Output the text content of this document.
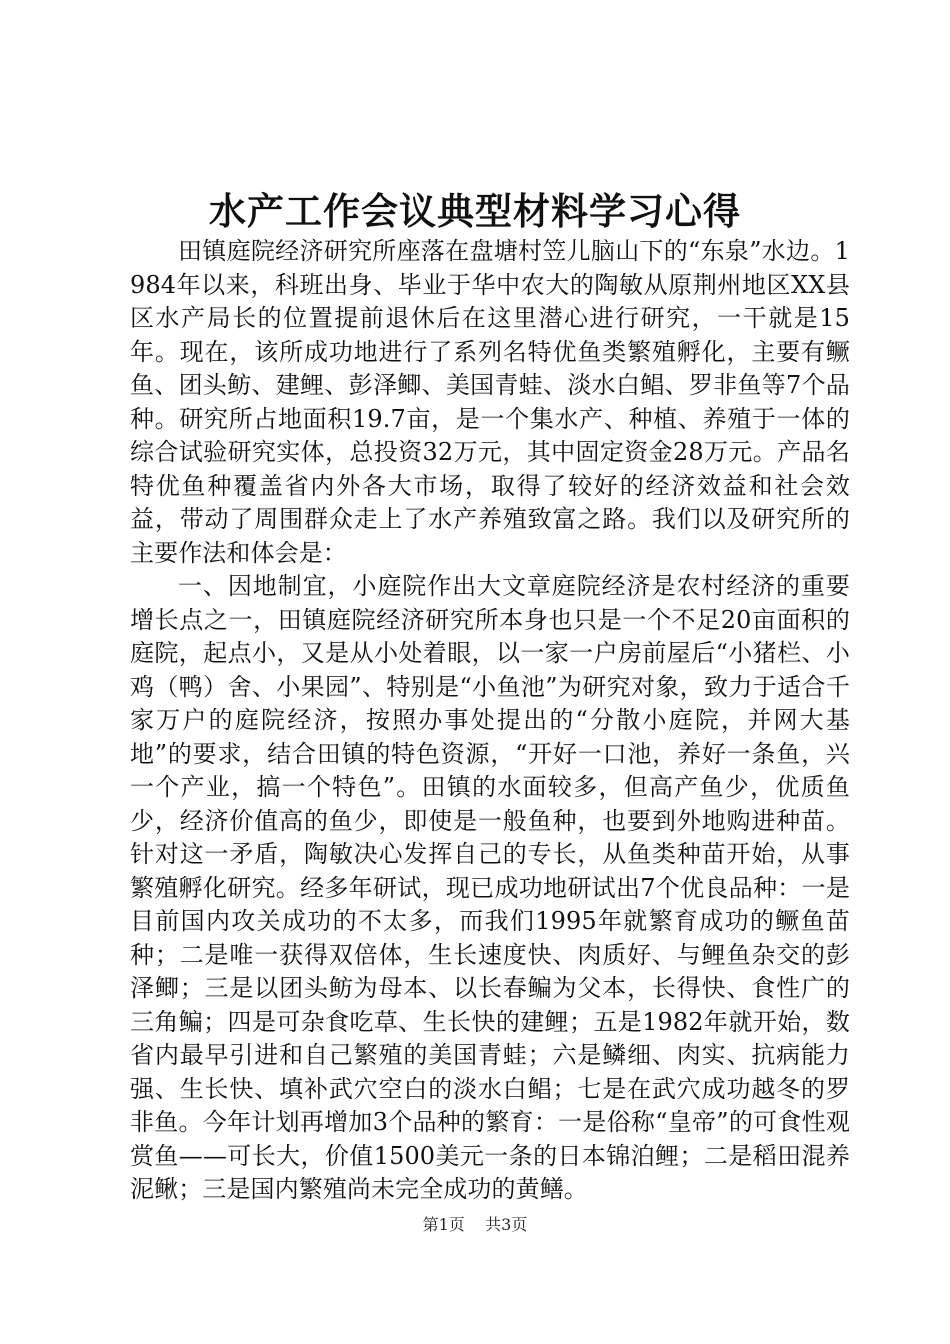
水产工作会议典型材料学习心得

田镇庭院经济研究所座落在盘塘村笠儿脑山下的“东泉”水边。1984年以来，科班出身、毕业于华中农大的陶敏从原荆州地区XX县区水产局长的位置提前退休后在这里潜心进行研究，一干就是15年。现在，该所成功地进行了系列名特优鱼类繁殖孵化，主要有鳜鱼、团头鲂、建鲤、彭泽鲫、美国青蛙、淡水白鲳、罗非鱼等7个品种。研究所占地面积19.7亩，是一个集水产、种植、养殖于一体的综合试验研究实体，总投资32万元，其中固定资金28万元。产品名特优鱼种覆盖省内外各大市场，取得了较好的经济效益和社会效益，带动了周围群众走上了水产养殖致富之路。我们以及研究所的主要作法和体会是：

一、因地制宜，小庭院作出大文章庭院经济是农村经济的重要增长点之一，田镇庭院经济研究所本身也只是一个不足20亩面积的庭院，起点小，又是从小处着眼，以一家一户房前屋后“小猪栏、小鸡（鸭）舍、小果园”、特别是“小鱼池”为研究对象，致力于适合千家万户的庭院经济，按照办事处提出的“分散小庭院，并网大基地”的要求，结合田镇的特色资源，“开好一口池，养好一条鱼，兴一个产业，搞一个特色”。田镇的水面较多，但高产鱼少，优质鱼少，经济价值高的鱼少，即使是一般鱼种，也要到外地购进种苗。针对这一矛盾，陶敏决心发挥自己的专长，从鱼类种苗开始，从事繁殖孵化研究。经多年研试，现已成功地研试出7个优良品种：一是目前国内攻关成功的不太多，而我们1995年就繁育成功的鳜鱼苗种；二是唯一获得双倍体，生长速度快、肉质好、与鲤鱼杂交的彭泽鲫；三是以团头鲂为母本、以长春鳊为父本，长得快、食性广的三角鳊；四是可杂食吃草、生长快的建鲤；五是1982年就开始，数省内最早引进和自己繁殖的美国青蛙；六是鳞细、肉实、抗病能力强、生长快、填补武穴空白的淡水白鲳；七是在武穴成功越冬的罗非鱼。今年计划再增加3个品种的繁育：一是俗称“皇帝”的可食性观赏鱼——可长大，价值1500美元一条的日本锦泊鲤；二是稻田混养泥鳅；三是国内繁殖尚未完全成功的黄鳝。

第1页 共3页
